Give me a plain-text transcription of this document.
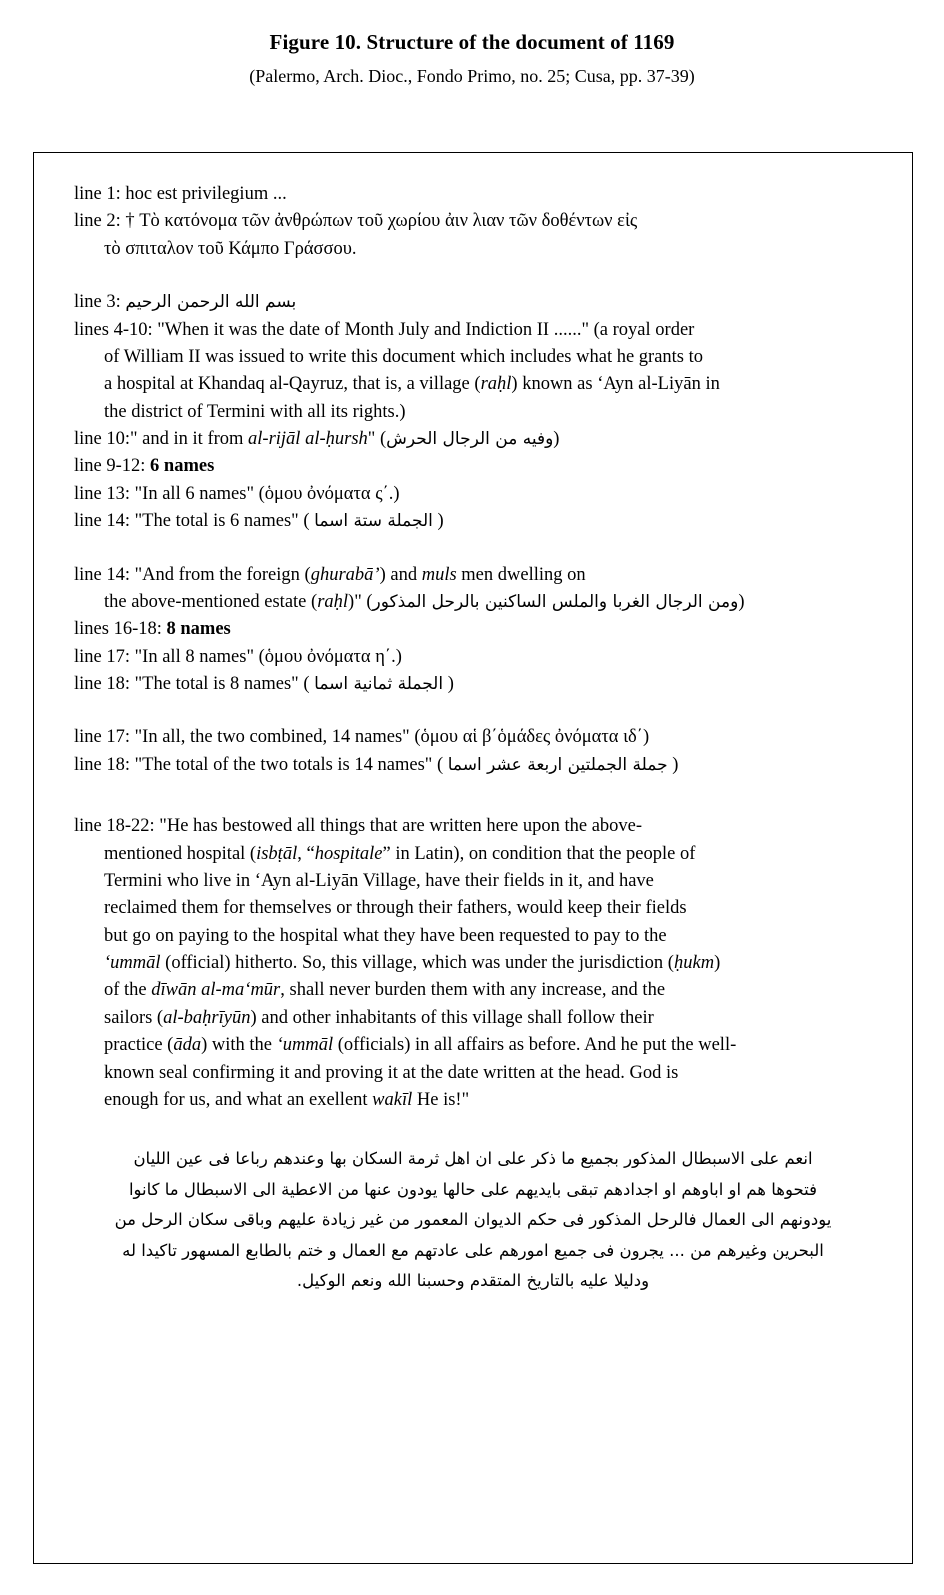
Figure 10. Structure of the document of 1169
(Palermo, Arch. Dioc., Fondo Primo, no. 25; Cusa, pp. 37-39)

line 1: hoc est privilegium ...

line 2: † Τὸ κατόνομα τῶν ἀνθρώπων τοῦ χωρίου ἀιν λιαν τῶν δοθέντων εἰς

τὸ σπιταλον τοῦ Κάμπο Γράσσου.

line 3: بسم الله الرحمن الرحيم

lines 4-10: "When it was the date of Month July and Indiction II ......" (a royal order

of William II was issued to write this document which includes what he grants to

a hospital at Khandaq al-Qayruz, that is, a village (raḥl) known as ʻAyn al-Liyān in

the district of Termini with all its rights.)

line 10:" and in it from al-rijāl al-ḥursh" (وفيه من الرجال الحرش)

line 9-12: 6 names

line 13: "In all 6 names" (ὁμου ὀνόματα ς΄.)

line 14: "The total is 6 names" ( الجملة ستة اسما )

line 14: "And from the foreign (ghurabāʼ) and muls men dwelling on

the above-mentioned estate (raḥl)" (ومن الرجال الغربا والملس الساكنين بالرحل المذكور)

lines 16-18: 8 names

line 17: "In all 8 names" (ὁμου ὀνόματα η΄.)

line 18: "The total is 8 names" ( الجملة ثمانية اسما )

line 17: "In all, the two combined, 14 names" (ὁμου αἱ β΄ὁμάδες ὀνόματα ιδ΄)

line 18: "The total of the two totals is 14 names" ( جملة الجملتين اربعة عشر اسما )

line 18-22: "He has bestowed all things that are written here upon the above-

mentioned hospital (isbṭāl, “hospitale” in Latin), on condition that the people of

Termini who live in ʻAyn al-Liyān Village, have their fields in it, and have

reclaimed them for themselves or through their fathers, would keep their fields

but go on paying to the hospital what they have been requested to pay to the

ʻummāl (official) hitherto. So, this village, which was under the jurisdiction (ḥukm)

of the dīwān al-maʻmūr, shall never burden them with any increase, and the

sailors (al-baḥrīyūn) and other inhabitants of this village shall follow their

practice (āda) with the ʻummāl (officials) in all affairs as before. And he put the well-

known seal confirming it and proving it at the date written at the head. God is

enough for us, and what an exellent wakīl He is!"

انعم على الاسبطال المذكور بجميع ما ذكر على ان اهل ثرمة السكان بها وعندهم رباعا فى عين الليان

فتحوها هم او اباوهم او اجدادهم تبقى بايديهم على حالها يودون عنها من الاعطية الى الاسبطال ما كانوا

يودونهم الى العمال فالرحل المذكور فى حكم الديوان المعمور من غير زيادة عليهم وباقى سكان الرحل من

البحرين وغيرهم من ... يجرون فى جميع امورهم على عادتهم مع العمال و ختم بالطابع المسهور تاكيدا له

ودليلا عليه بالتاريخ المتقدم وحسبنا الله ونعم الوكيل.
